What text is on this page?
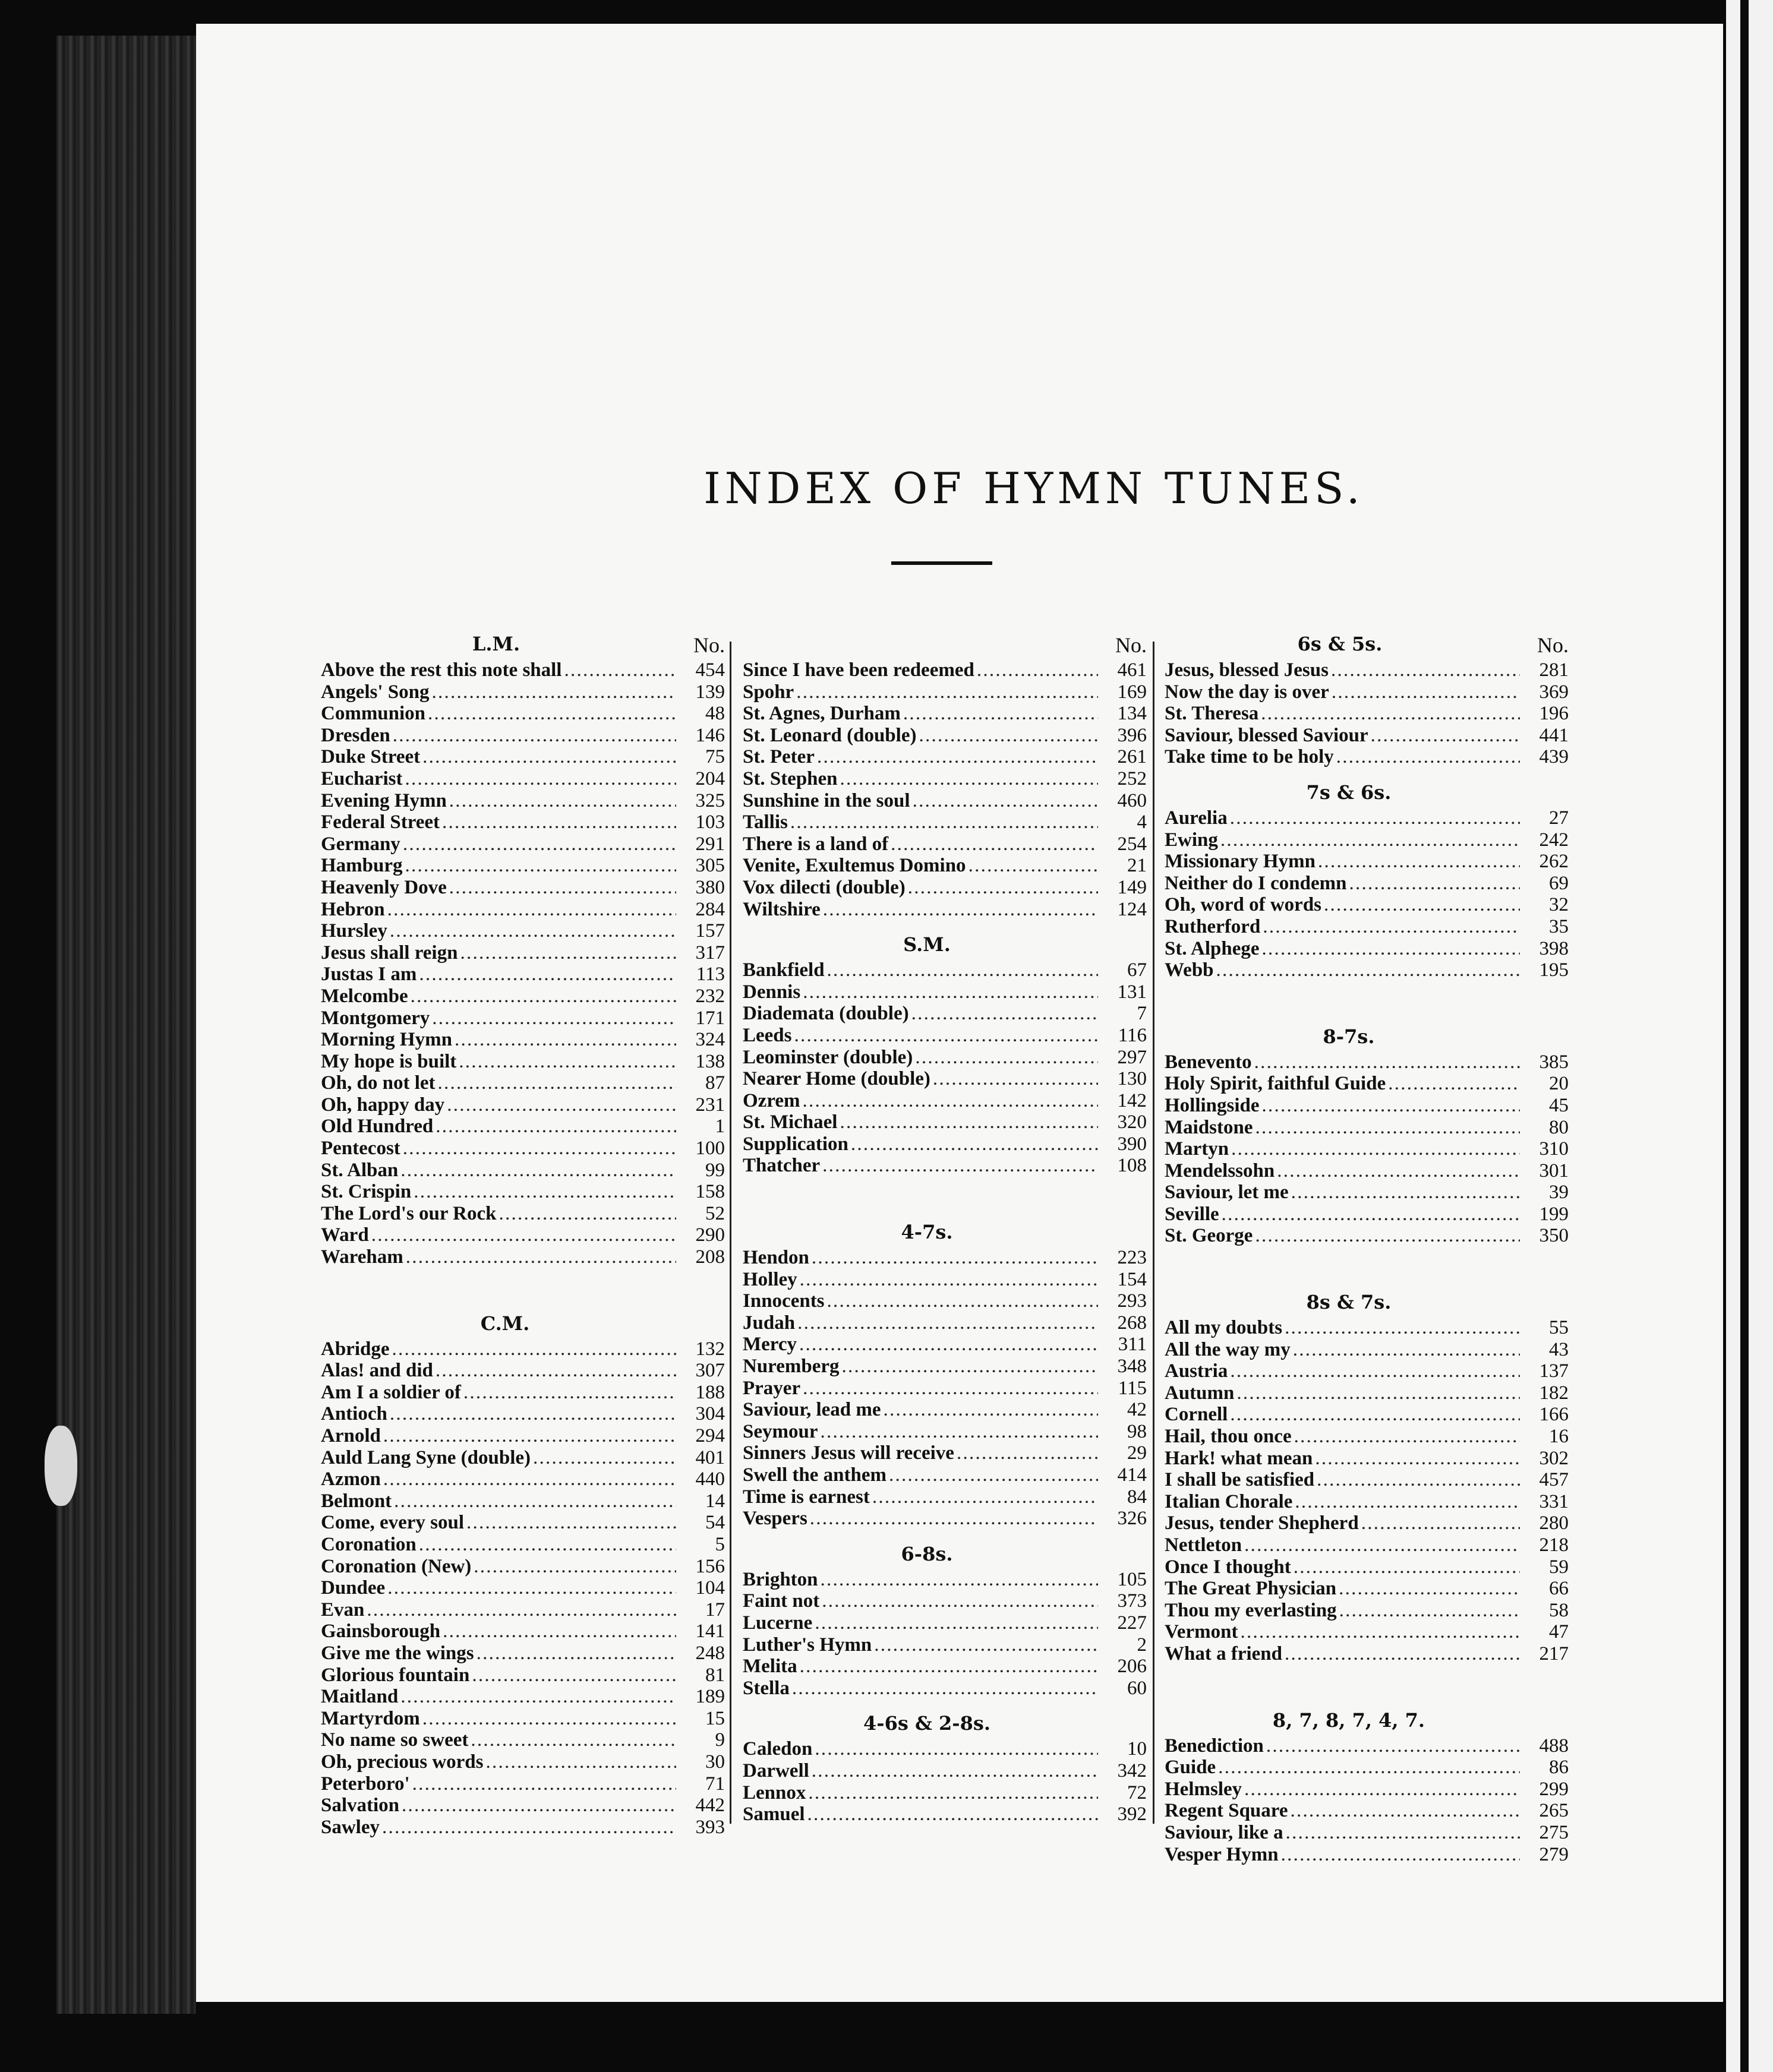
INDEX OF HYMN TUNES.
L.M.	No.
Above the rest this note shall . . .	454
Angels' Song . . .	139
Communion . . .	48
Dresden . . .	146
Duke Street . . .	75
Eucharist . . .	204
Evening Hymn . . .	325
Federal Street . . .	103
Germany . . .	291
Hamburg . . .	305
Heavenly Dove . . .	380
Hebron . . .	284
Hursley . . .	157
Jesus shall reign . . .	317
Justas I am . . .	113
Melcombe . . .	232
Montgomery . . .	171
Morning Hymn . . .	324
My hope is built . . .	138
Oh, do not let . . .	87
Oh, happy day . . .	231
Old Hundred . . .	1
Pentecost . . .	100
St. Alban . . .	99
St. Crispin . . .	158
The Lord's our Rock . . .	52
Ward . . .	290
Wareham . . .	208
C.M.
Abridge . . .	132
Alas! and did . . .	307
Am I a soldier of . . .	188
Antioch . . .	304
Arnold . . .	294
Auld Lang Syne (double) . . .	401
Azmon . . .	440
Belmont . . .	14
Come, every soul . . .	54
Coronation . . .	5
Coronation (New) . . .	156
Dundee . . .	104
Evan . . .	17
Gainsborough . . .	141
Give me the wings . . .	248
Glorious fountain . . .	81
Maitland . . .	189
Martyrdom . . .	15
No name so sweet . . .	9
Oh, precious words . . .	30
Peterboro' . . .	71
Salvation . . .	442
Sawley . . .	393
No.
Since I have been redeemed . . .	461
Spohr . . .	169
St. Agnes, Durham . . .	134
St. Leonard (double) . . .	396
St. Peter . . .	261
St. Stephen . . .	252
Sunshine in the soul . . .	460
Tallis . . .	4
There is a land of . . .	254
Venite, Exultemus Domino . . .	21
Vox dilecti (double) . . .	149
Wiltshire . . .	124
S.M.
Bankfield . . .	67
Dennis . . .	131
Diademata (double) . . .	7
Leeds . . .	116
Leominster (double) . . .	297
Nearer Home (double) . . .	130
Ozrem . . .	142
St. Michael . . .	320
Supplication . . .	390
Thatcher . . .	108
4-7s.
Hendon . . .	223
Holley . . .	154
Innocents . . .	293
Judah . . .	268
Mercy . . .	311
Nuremberg . . .	348
Prayer . . .	115
Saviour, lead me . . .	42
Seymour . . .	98
Sinners Jesus will receive . . .	29
Swell the anthem . . .	414
Time is earnest . . .	84
Vespers . . .	326
6-8s.
Brighton . . .	105
Faint not . . .	373
Lucerne . . .	227
Luther's Hymn . . .	2
Melita . . .	206
Stella . . .	60
4-6s & 2-8s.
Caledon . . .	10
Darwell . . .	342
Lennox . . .	72
Samuel . . .	392
6s & 5s.	No.
Jesus, blessed Jesus . . .	281
Now the day is over . . .	369
St. Theresa . . .	196
Saviour, blessed Saviour . . .	441
Take time to be holy . . .	439
7s & 6s.
Aurelia . . .	27
Ewing . . .	242
Missionary Hymn . . .	262
Neither do I condemn . . .	69
Oh, word of words . . .	32
Rutherford . . .	35
St. Alphege . . .	398
Webb . . .	195
8-7s.
Benevento . . .	385
Holy Spirit, faithful Guide . . .	20
Hollingside . . .	45
Maidstone . . .	80
Martyn . . .	310
Mendelssohn . . .	301
Saviour, let me . . .	39
Seville . . .	199
St. George . . .	350
8s & 7s.
All my doubts . . .	55
All the way my . . .	43
Austria . . .	137
Autumn . . .	182
Cornell . . .	166
Hail, thou once . . .	16
Hark! what mean . . .	302
I shall be satisfied . . .	457
Italian Chorale . . .	331
Jesus, tender Shepherd . . .	280
Nettleton . . .	218
Once I thought . . .	59
The Great Physician . . .	66
Thou my everlasting . . .	58
Vermont . . .	47
What a friend . . .	217
8, 7, 8, 7, 4, 7.
Benediction . . .	488
Guide . . .	86
Helmsley . . .	299
Regent Square . . .	265
Saviour, like a . . .	275
Vesper Hymn . . .	279
